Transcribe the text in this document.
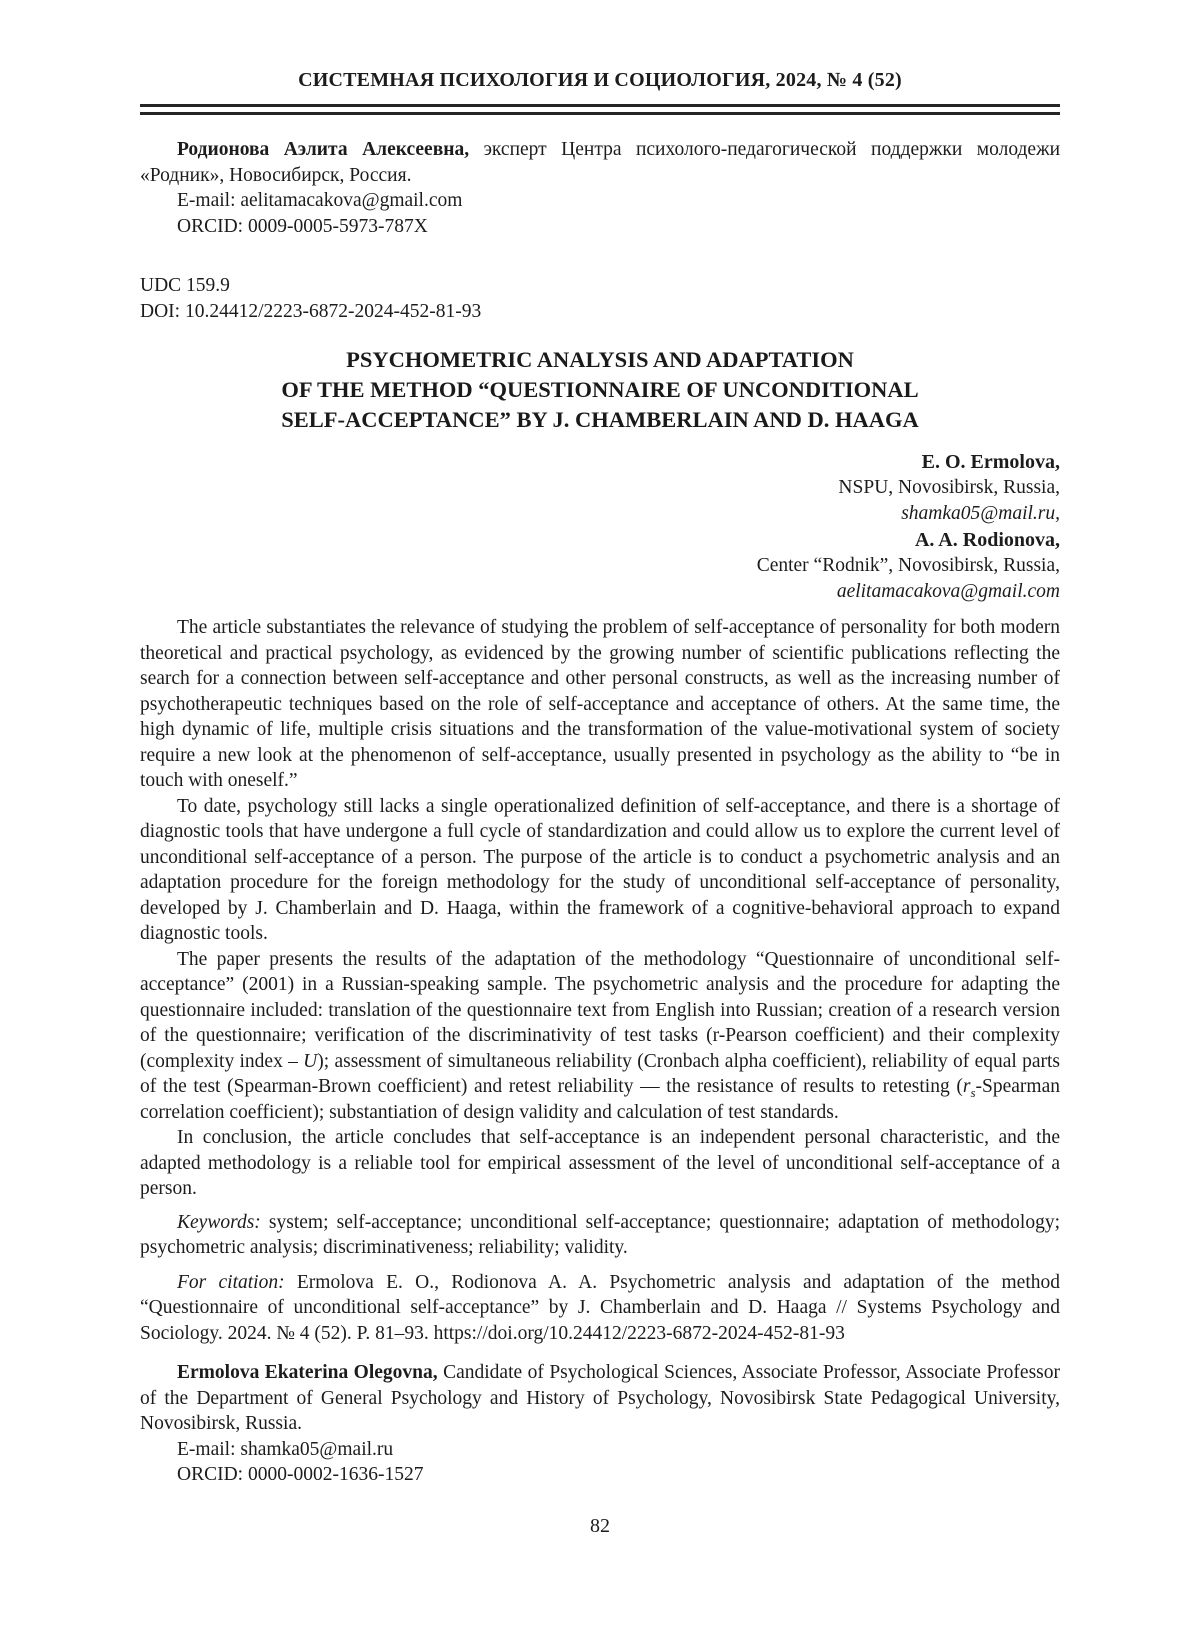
СИСТЕМНАЯ ПСИХОЛОГИЯ И СОЦИОЛОГИЯ, 2024, № 4 (52)

Родионова Аэлита Алексеевна, эксперт Центра психолого-педагогической поддержки молодежи «Родник», Новосибирск, Россия.

E-mail: aelitamacakova@gmail.com
ORCID: 0009-0005-5973-787X
UDC 159.9
DOI: 10.24412/2223-6872-2024-452-81-93
PSYCHOMETRIC ANALYSIS AND ADAPTATION
OF THE METHOD “QUESTIONNAIRE OF UNCONDITIONAL
SELF-ACCEPTANCE” BY J. CHAMBERLAIN AND D. HAAGA
E. O. Ermolova,
NSPU, Novosibirsk, Russia,
shamka05@mail.ru,
A. A. Rodionova,
Center “Rodnik”, Novosibirsk, Russia,
aelitamacakova@gmail.com

The article substantiates the relevance of studying the problem of self-acceptance of personality for both modern theoretical and practical psychology, as evidenced by the growing number of scientific publications reflecting the search for a connection between self-acceptance and other personal constructs, as well as the increasing number of psychotherapeutic techniques based on the role of self-acceptance and acceptance of others. At the same time, the high dynamic of life, multiple crisis situations and the transformation of the value-motivational system of society require a new look at the phenomenon of self-acceptance, usually presented in psychology as the ability to “be in touch with oneself.”

To date, psychology still lacks a single operationalized definition of self-acceptance, and there is a shortage of diagnostic tools that have undergone a full cycle of standardization and could allow us to explore the current level of unconditional self-acceptance of a person. The purpose of the article is to conduct a psychometric analysis and an adaptation procedure for the foreign methodology for the study of unconditional self-acceptance of personality, developed by J. Chamberlain and D. Haaga, within the framework of a cognitive-behavioral approach to expand diagnostic tools.

The paper presents the results of the adaptation of the methodology “Questionnaire of unconditional self-acceptance” (2001) in a Russian-speaking sample. The psychometric analysis and the procedure for adapting the questionnaire included: translation of the questionnaire text from English into Russian; creation of a research version of the questionnaire; verification of the discriminativity of test tasks (r-Pearson coefficient) and their complexity (complexity index – U); assessment of simultaneous reliability (Cronbach alpha coefficient), reliability of equal parts of the test (Spearman-Brown coefficient) and retest reliability — the resistance of results to retesting ($r_s$-Spearman correlation coefficient); substantiation of design validity and calculation of test standards.

In conclusion, the article concludes that self-acceptance is an independent personal characteristic, and the adapted methodology is a reliable tool for empirical assessment of the level of unconditional self-acceptance of a person.

Keywords: system; self-acceptance; unconditional self-acceptance; questionnaire; adaptation of methodology; psychometric analysis; discriminativeness; reliability; validity.

For citation: Ermolova E. O., Rodionova A. A. Psychometric analysis and adaptation of the method “Questionnaire of unconditional self-acceptance” by J. Chamberlain and D. Haaga // Systems Psychology and Sociology. 2024. № 4 (52). P. 81–93. https://doi.org/10.24412/2223-6872-2024-452-81-93

Ermolova Ekaterina Olegovna, Candidate of Psychological Sciences, Associate Professor, Associate Professor of the Department of General Psychology and History of Psychology, Novosibirsk State Pedagogical University, Novosibirsk, Russia.

E-mail: shamka05@mail.ru
ORCID: 0000-0002-1636-1527
82
